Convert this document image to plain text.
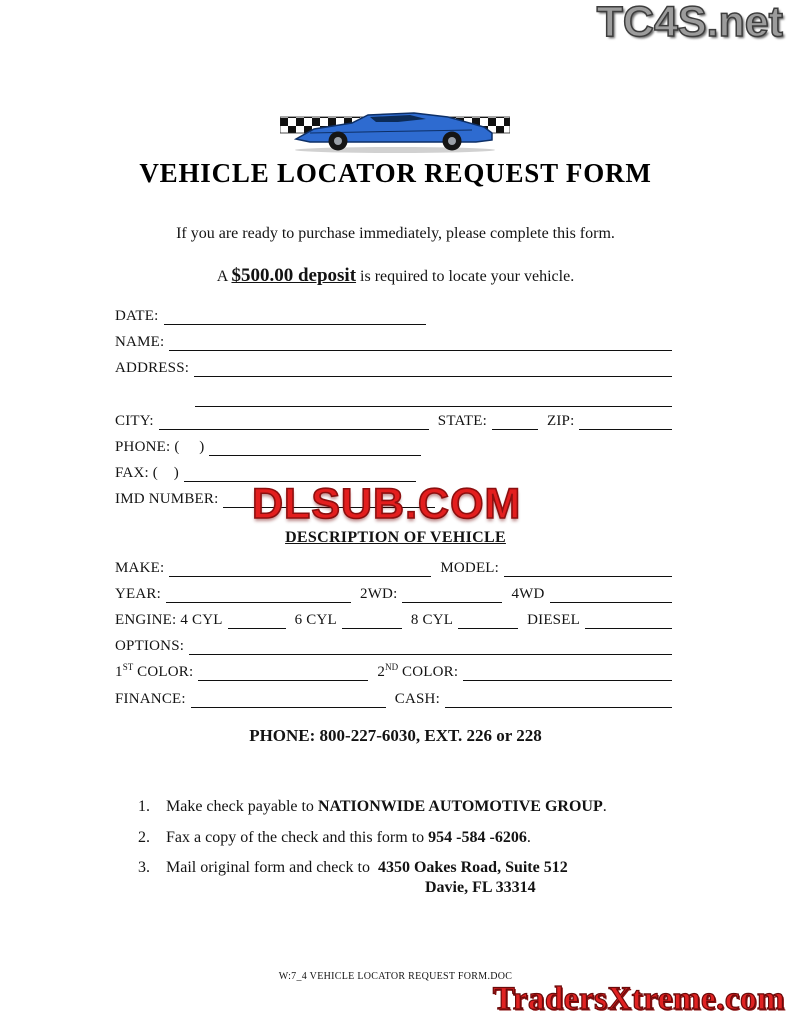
TC4S.net
DLSUB.COM
TradersXtreme.com
VEHICLE LOCATOR REQUEST FORM
If you are ready to purchase immediately, please complete this form.
A $500.00 deposit is required to locate your vehicle.
DATE:
NAME:
ADDRESS:
CITY:	STATE:	ZIP:
PHONE: (     )
FAX: (    )
IMD NUMBER:
DESCRIPTION OF VEHICLE
MAKE:	MODEL:
YEAR:	2WD:	4WD
ENGINE: 4 CYL	6 CYL	8 CYL	DIESEL
OPTIONS:
1ST COLOR:	2ND COLOR:
FINANCE:	CASH:
PHONE: 800-227-6030, EXT. 226 or 228
1.	Make check payable to NATIONWIDE AUTOMOTIVE GROUP.
2.	Fax a copy of the check and this form to 954 -584 -6206.
3.	Mail original form and check to  4350 Oakes Road, Suite 512
Davie, FL 33314
W:7_4 VEHICLE LOCATOR REQUEST FORM.DOC
